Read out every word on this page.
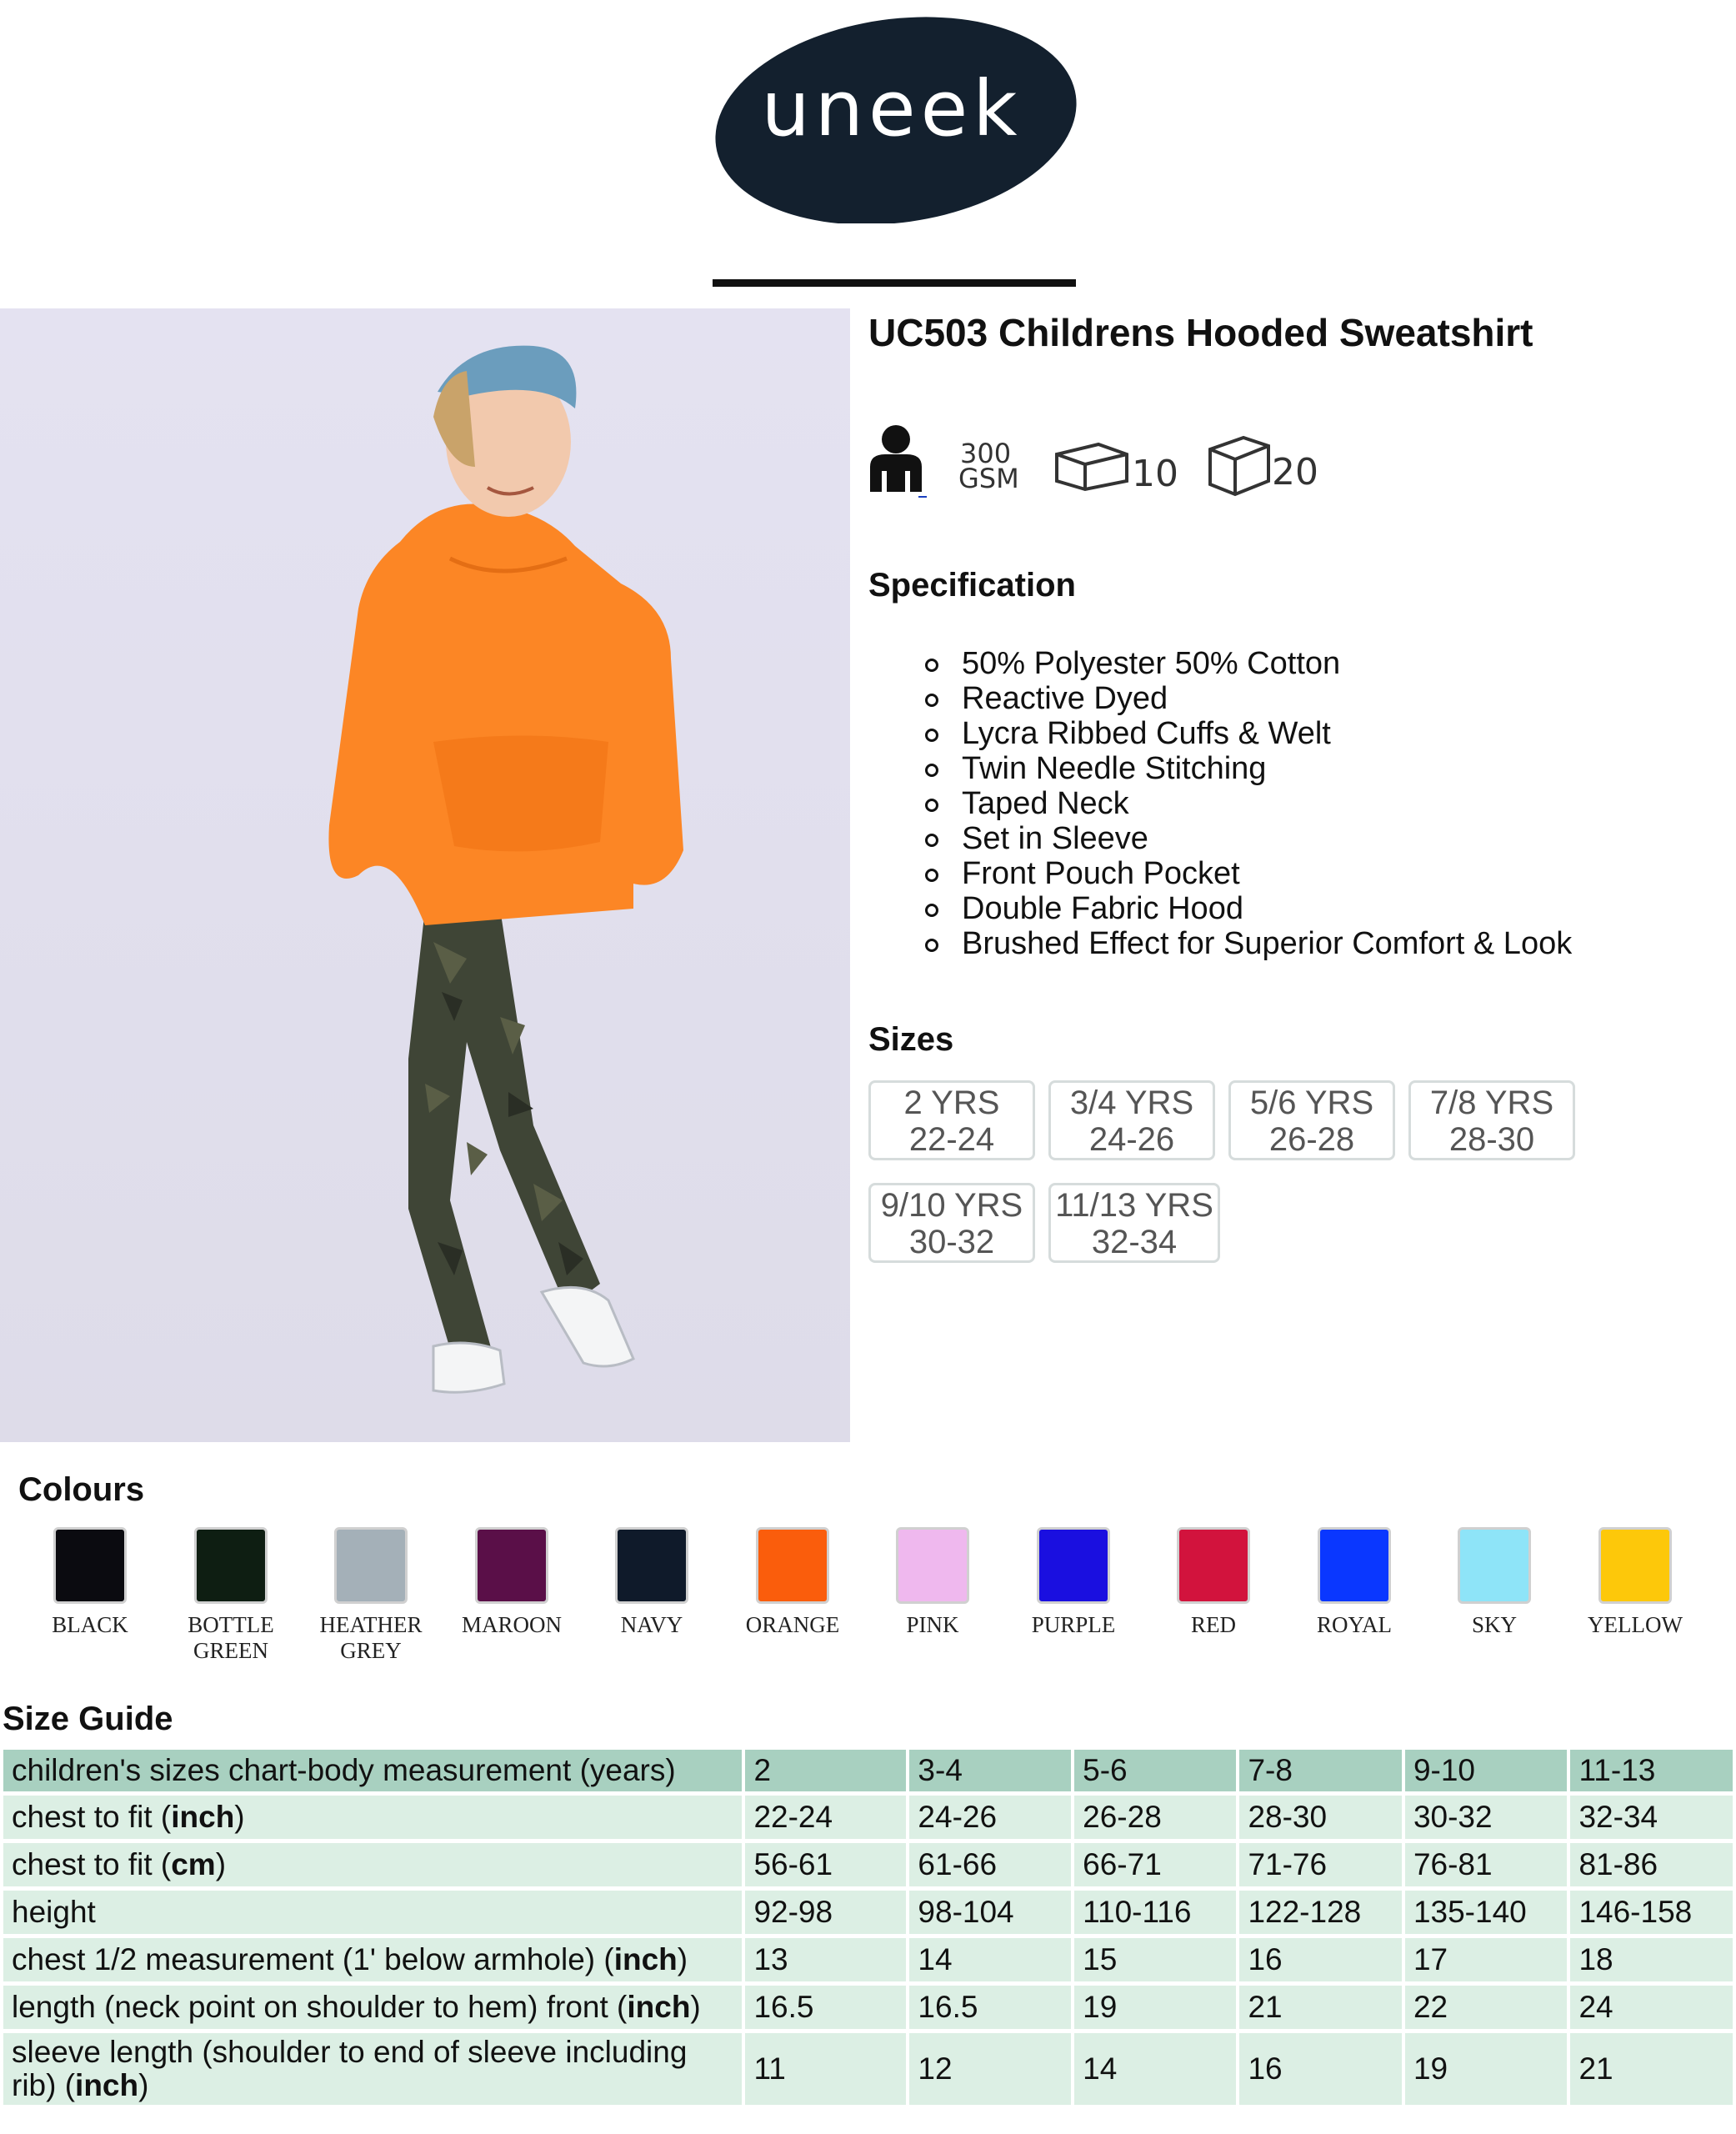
uneek
UC503 Childrens Hooded Sweatshirt
300
GSM	10	20
Specification
50% Polyester 50% Cotton
Reactive Dyed
Lycra Ribbed Cuffs & Welt
Twin Needle Stitching
Taped Neck
Set in Sleeve
Front Pouch Pocket
Double Fabric Hood
Brushed Effect for Superior Comfort & Look
Sizes
2 YRS
22-24
3/4 YRS
24-26
5/6 YRS
26-28
7/8 YRS
28-30
9/10 YRS
30-32
11/13 YRS
32-34
Colours
BLACK	BOTTLE
GREEN
HEATHER
GREY
MAROON	NAVY	ORANGE	PINK	PURPLE	RED	ROYAL	SKY	YELLOW
Size Guide
children's sizes chart-body measurement (years)	2	3-4	5-6	7-8	9-10	11-13
chest to fit (inch)	22-24	24-26	26-28	28-30	30-32	32-34
chest to fit (cm)	56-61	61-66	66-71	71-76	76-81	81-86
height	92-98	98-104	110-116	122-128	135-140	146-158
chest 1/2 measurement (1' below armhole) (inch)	13	14	15	16	17	18
length (neck point on shoulder to hem) front (inch)	16.5	16.5	19	21	22	24
sleeve length (shoulder to end of sleeve including rib) (inch)	11	12	14	16	19	21
